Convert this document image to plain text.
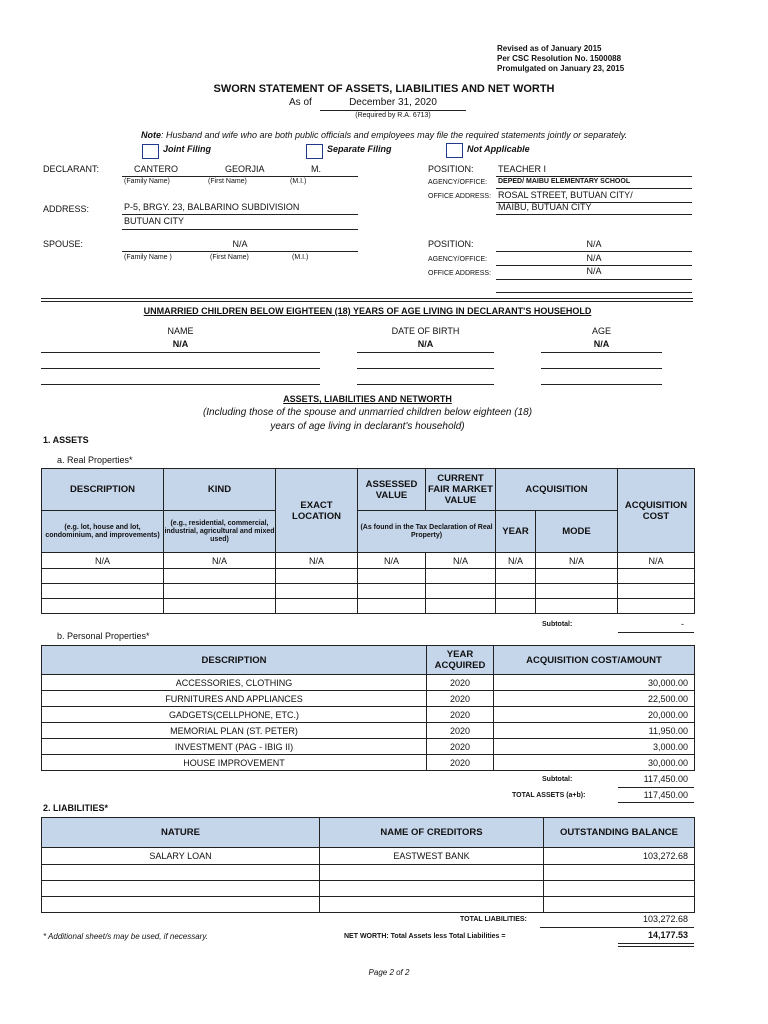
Revised as of January 2015
Per CSC Resolution No. 1500088
Promulgated on January 23, 2015
SWORN STATEMENT OF ASSETS, LIABILITIES AND NET WORTH
As of	December 31, 2020
(Required by R.A. 6713)
Note: Husband and wife who are both public officials and employees may file the required statements jointly or separately.
Joint Filing	Separate Filing	Not Applicable
DECLARANT:	CANTERO	GEORJIA	M.
(Family Name)	(First Name)	(M.I.)
POSITION:	TEACHER I
AGENCY/OFFICE: DEPED/ MAIBU ELEMENTARY SCHOOL
OFFICE ADDRESS: ROSAL STREET, BUTUAN CITY/
MAIBU, BUTUAN CITY
ADDRESS:	P-5, BRGY. 23, BALBARINO SUBDIVISION
BUTUAN CITY
SPOUSE:	N/A
(Family Name )	(First Name)	(M.I.)
POSITION:	N/A
AGENCY/OFFICE:	N/A
OFFICE ADDRESS:	N/A
UNMARRIED CHILDREN BELOW EIGHTEEN (18) YEARS OF AGE LIVING IN DECLARANT'S HOUSEHOLD
NAME	DATE OF BIRTH	AGE
N/A	N/A	N/A
ASSETS, LIABILITIES AND NETWORTH
(Including those of the spouse and unmarried children below eighteen (18)
years of age living in declarant's household)
1. ASSETS
a. Real Properties*
DESCRIPTION	KIND	EXACT LOCATION	ASSESSED VALUE	CURRENT FAIR MARKET VALUE	ACQUISITION		ACQUISITION COST
(e.g. lot, house and lot, condominium, and improvements)	(e.g., residential, commercial, industrial, agricultural and mixed used)		(As found in the Tax Declaration of Real Property)		YEAR	MODE	
N/A	N/A	N/A	N/A	N/A	N/A	N/A	N/A

Subtotal:	-
b. Personal Properties*
DESCRIPTION	YEAR ACQUIRED	ACQUISITION COST/AMOUNT
ACCESSORIES, CLOTHING	2020	30,000.00
FURNITURES AND APPLIANCES	2020	22,500.00
GADGETS(CELLPHONE, ETC.)	2020	20,000.00
MEMORIAL PLAN (ST. PETER)	2020	11,950.00
INVESTMENT (PAG - IBIG II)	2020	3,000.00
HOUSE IMPROVEMENT	2020	30,000.00
Subtotal:	117,450.00
TOTAL ASSETS (a+b):	117,450.00
2. LIABILITIES*
NATURE	NAME OF CREDITORS	OUTSTANDING BALANCE
SALARY LOAN	EASTWEST BANK	103,272.68

TOTAL LIABILITIES:	103,272.68
* Additional sheet/s may be used, if necessary.	NET WORTH: Total Assets less Total Liabilities =	14,177.53
Page 2 of 2
